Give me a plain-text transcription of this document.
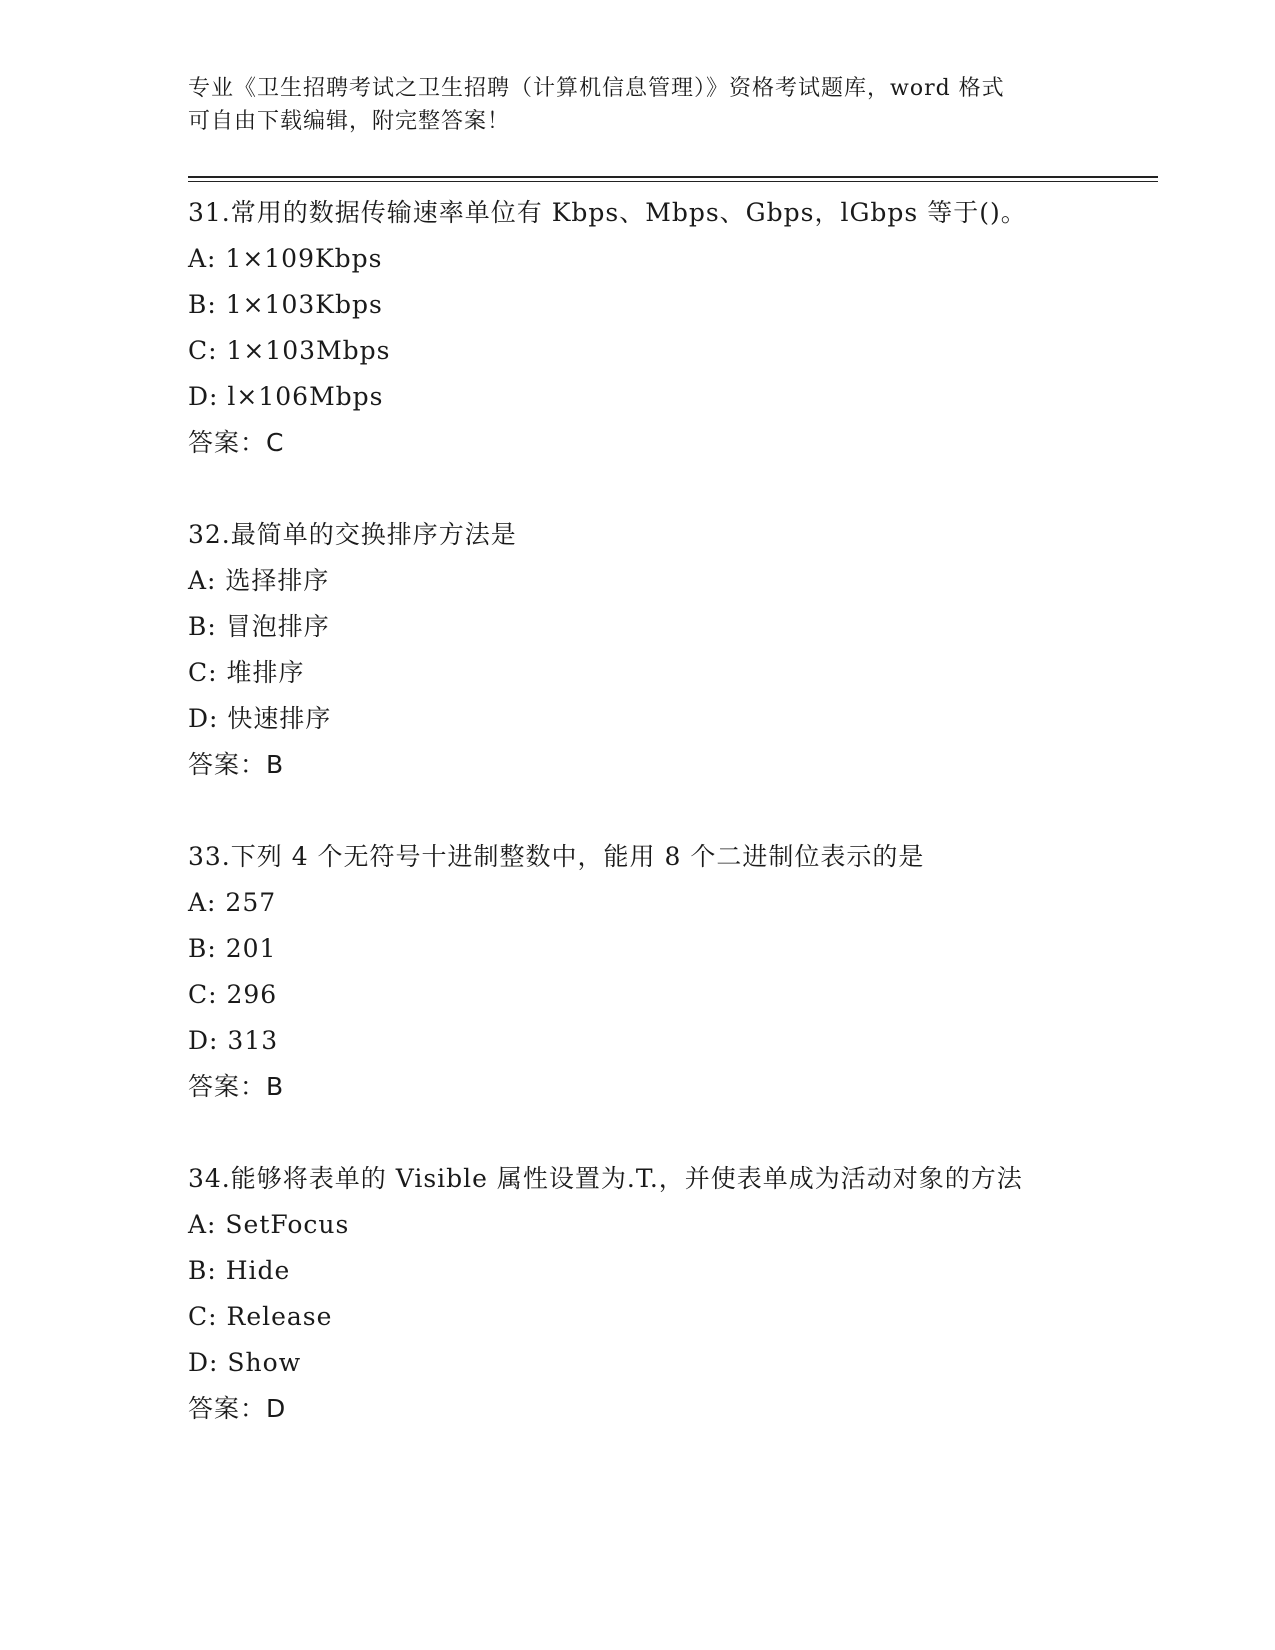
专业《卫生招聘考试之卫生招聘（计算机信息管理）》资格考试题库，word 格式
可自由下载编辑，附完整答案！
31.常用的数据传输速率单位有 Kbps、Mbps、Gbps，lGbps 等于()。
A: 1×109Kbps
B: 1×103Kbps
C: 1×103Mbps
D: l×106Mbps
答案：C
32.最简单的交换排序方法是
A: 选择排序
B: 冒泡排序
C: 堆排序
D: 快速排序
答案：B
33.下列 4 个无符号十进制整数中，能用 8 个二进制位表示的是
A: 257
B: 201
C: 296
D: 313
答案：B
34.能够将表单的 Visible 属性设置为.T.，并使表单成为活动对象的方法
A: SetFocus
B: Hide
C: Release
D: Show
答案：D
